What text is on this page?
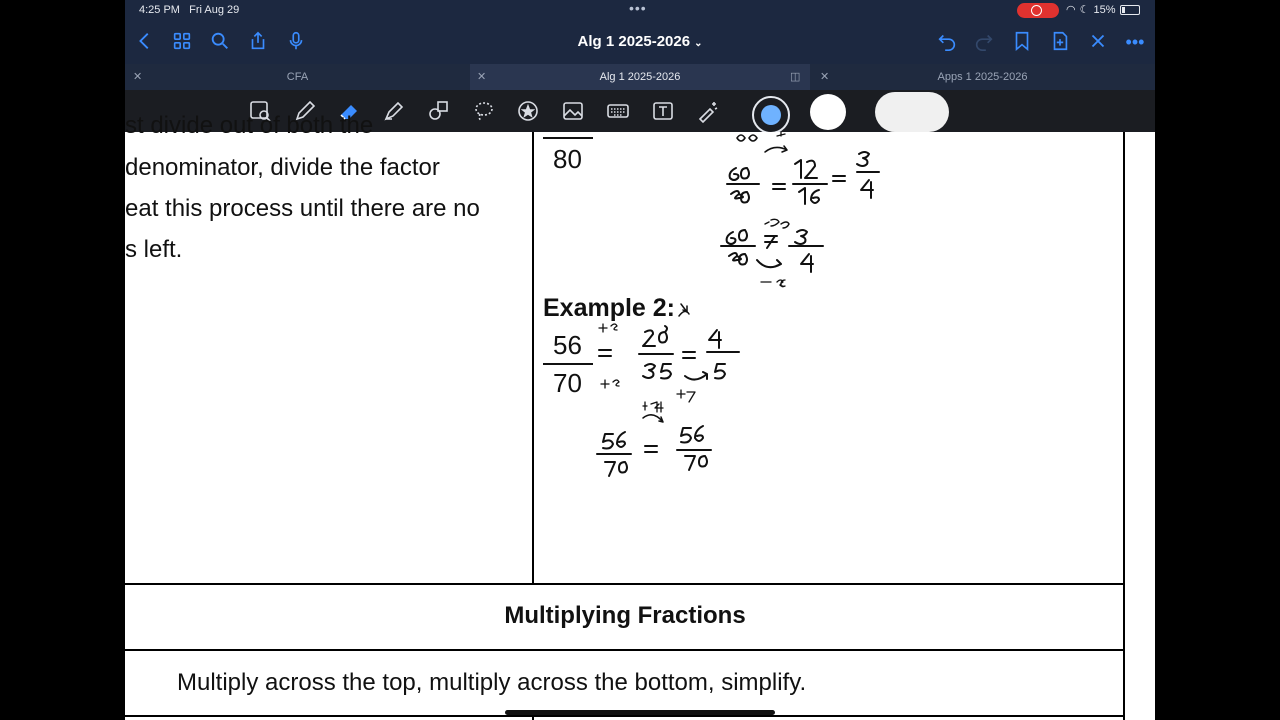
4:25 PM Fri Aug 29	•••	◠ ☾ 15%
Alg 1 2025-2026 ⌄	•••
✕	CFA	✕	Alg 1 2025-2026	◫ ✕	Apps 1 2025-2026
st divide out of both the
denominator, divide the factor
eat this process until there are no
s left.
80
Example 2:
56
70
Multiplying Fractions
Multiply across the top, multiply across the bottom, simplify.
